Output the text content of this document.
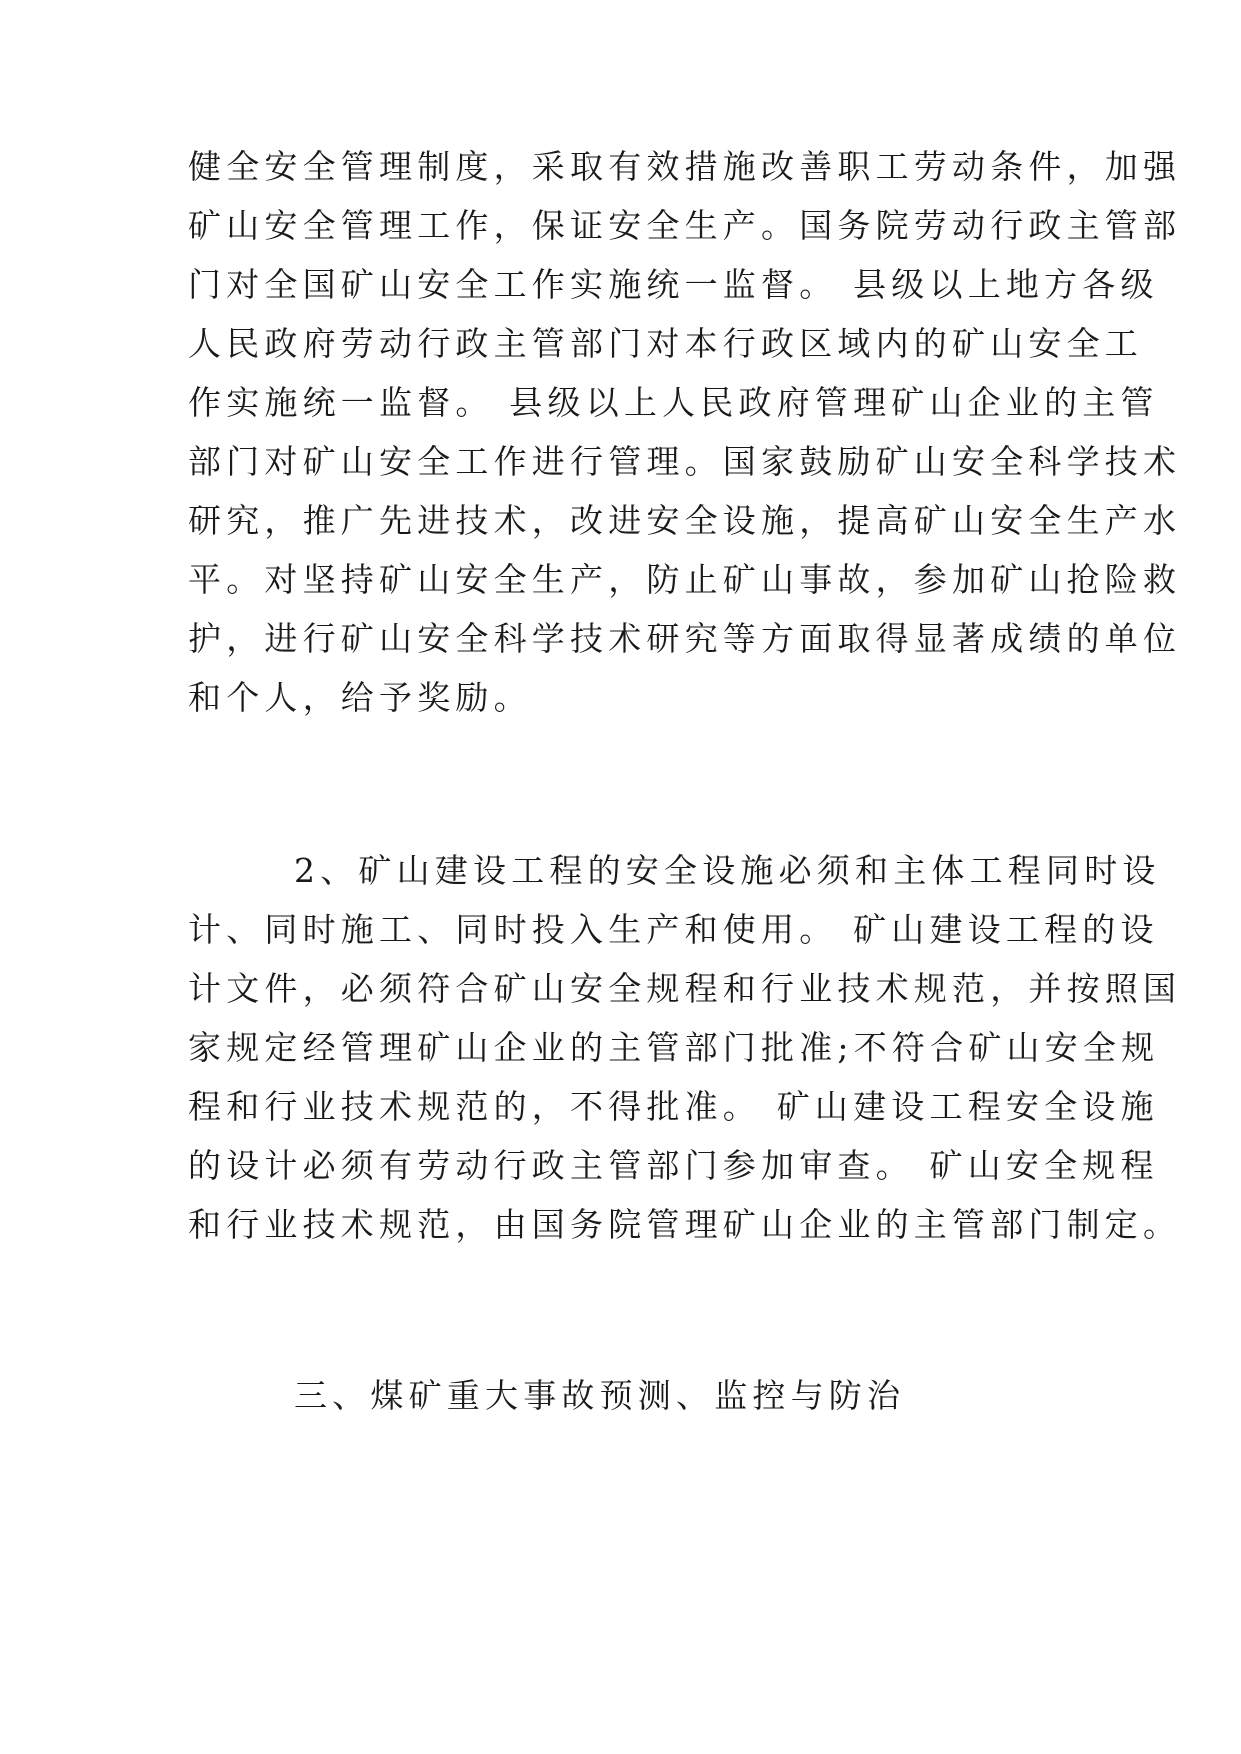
健全安全管理制度，采取有效措施改善职工劳动条件，加强
矿山安全管理工作，保证安全生产。国务院劳动行政主管部
门对全国矿山安全工作实施统一监督。 县级以上地方各级
人民政府劳动行政主管部门对本行政区域内的矿山安全工
作实施统一监督。 县级以上人民政府管理矿山企业的主管
部门对矿山安全工作进行管理。国家鼓励矿山安全科学技术
研究，推广先进技术，改进安全设施，提高矿山安全生产水
平。对坚持矿山安全生产，防止矿山事故，参加矿山抢险救
护，进行矿山安全科学技术研究等方面取得显著成绩的单位
和个人，给予奖励。
2、矿山建设工程的安全设施必须和主体工程同时设
计、同时施工、同时投入生产和使用。 矿山建设工程的设
计文件，必须符合矿山安全规程和行业技术规范，并按照国
家规定经管理矿山企业的主管部门批准;不符合矿山安全规
程和行业技术规范的，不得批准。 矿山建设工程安全设施
的设计必须有劳动行政主管部门参加审查。 矿山安全规程
和行业技术规范，由国务院管理矿山企业的主管部门制定。
三、煤矿重大事故预测、监控与防治
